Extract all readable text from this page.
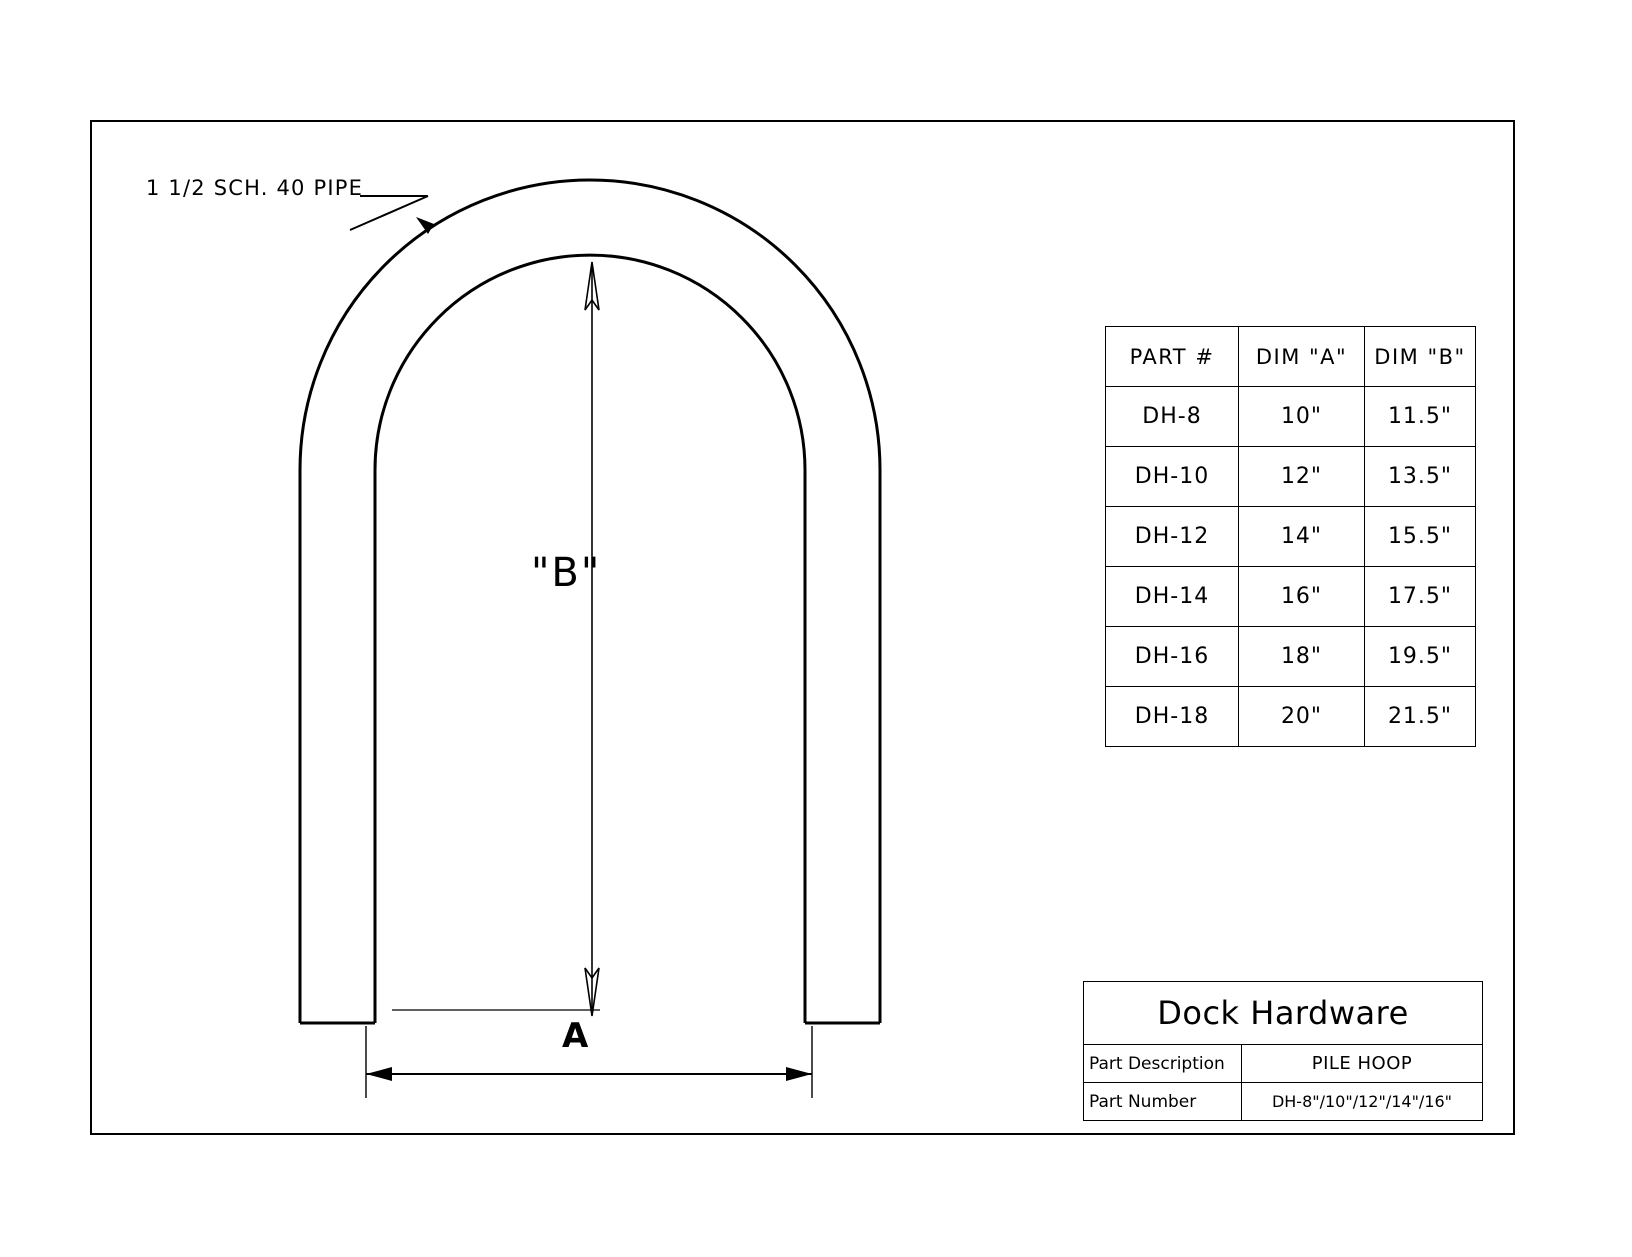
1 1/2 SCH. 40 PIPE
"B"
A
PART #	DIM "A"	DIM "B"
DH-8	10"	11.5"
DH-10	12"	13.5"
DH-12	14"	15.5"
DH-14	16"	17.5"
DH-16	18"	19.5"
DH-18	20"	21.5"
Dock Hardware
Part Description	PILE HOOP
Part Number	DH-8"/10"/12"/14"/16"
